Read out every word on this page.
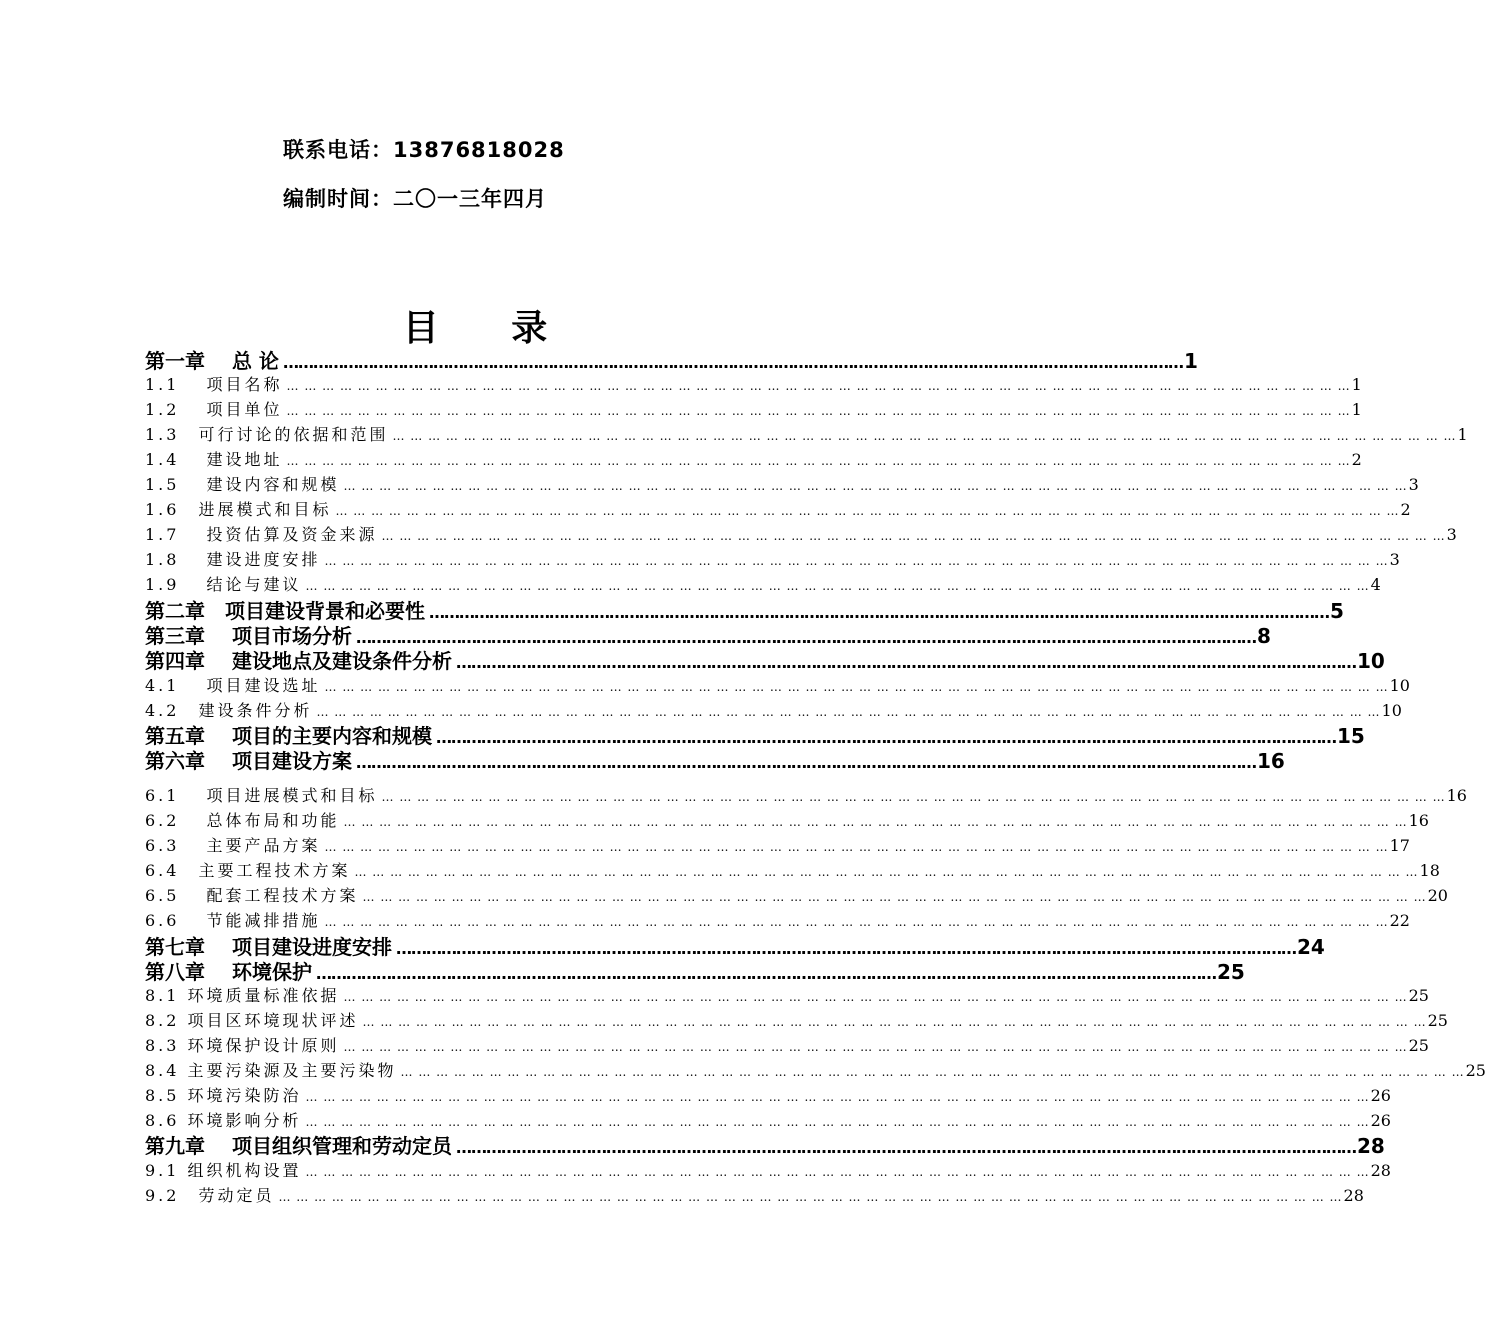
联系电话：13876818028
编制时间：二〇一三年四月
目 录
第一章　 总 论 ……………………………………………………………………………………………………………………………………………………………… 1
1.1　 项目名称 … … … … … … … … … … … … … … … … … … … … … … … … … … … … … … … … … … … … … … … … … … … … … … … … … … … … … … … … … … … … 1
1.2　 项目单位 … … … … … … … … … … … … … … … … … … … … … … … … … … … … … … … … … … … … … … … … … … … … … … … … … … … … … … … … … … … … 1
1.3　可行讨论的依据和范围 … … … … … … … … … … … … … … … … … … … … … … … … … … … … … … … … … … … … … … … … … … … … … … … … … … … … … … … … … … … … 1
1.4　 建设地址 … … … … … … … … … … … … … … … … … … … … … … … … … … … … … … … … … … … … … … … … … … … … … … … … … … … … … … … … … … … … 2
1.5　 建设内容和规模 … … … … … … … … … … … … … … … … … … … … … … … … … … … … … … … … … … … … … … … … … … … … … … … … … … … … … … … … … … … … 3
1.6　进展模式和目标 … … … … … … … … … … … … … … … … … … … … … … … … … … … … … … … … … … … … … … … … … … … … … … … … … … … … … … … … … … … … 2
1.7　 投资估算及资金来源 … … … … … … … … … … … … … … … … … … … … … … … … … … … … … … … … … … … … … … … … … … … … … … … … … … … … … … … … … … … … 3
1.8　 建设进度安排 … … … … … … … … … … … … … … … … … … … … … … … … … … … … … … … … … … … … … … … … … … … … … … … … … … … … … … … … … … … … 3
1.9　 结论与建议 … … … … … … … … … … … … … … … … … … … … … … … … … … … … … … … … … … … … … … … … … … … … … … … … … … … … … … … … … … … … 4
第二章　项目建设背景和必要性 ……………………………………………………………………………………………………………………………………………………………… 5
第三章　 项目市场分析 ……………………………………………………………………………………………………………………………………………………………… 8
第四章　 建设地点及建设条件分析 ……………………………………………………………………………………………………………………………………………………………… 10
4.1　 项目建设选址 … … … … … … … … … … … … … … … … … … … … … … … … … … … … … … … … … … … … … … … … … … … … … … … … … … … … … … … … … … … … 10
4.2　建设条件分析 … … … … … … … … … … … … … … … … … … … … … … … … … … … … … … … … … … … … … … … … … … … … … … … … … … … … … … … … … … … … 10
第五章　 项目的主要内容和规模 ……………………………………………………………………………………………………………………………………………………………… 15
第六章　 项目建设方案 ……………………………………………………………………………………………………………………………………………………………… 16
6.1　 项目进展模式和目标 … … … … … … … … … … … … … … … … … … … … … … … … … … … … … … … … … … … … … … … … … … … … … … … … … … … … … … … … … … … … 16
6.2　 总体布局和功能 … … … … … … … … … … … … … … … … … … … … … … … … … … … … … … … … … … … … … … … … … … … … … … … … … … … … … … … … … … … … 16
6.3　 主要产品方案 … … … … … … … … … … … … … … … … … … … … … … … … … … … … … … … … … … … … … … … … … … … … … … … … … … … … … … … … … … … … 17
6.4　主要工程技术方案 … … … … … … … … … … … … … … … … … … … … … … … … … … … … … … … … … … … … … … … … … … … … … … … … … … … … … … … … … … … … 18
6.5　 配套工程技术方案 … … … … … … … … … … … … … … … … … … … … … … … … … … … … … … … … … … … … … … … … … … … … … … … … … … … … … … … … … … … … 20
6.6　 节能减排措施 … … … … … … … … … … … … … … … … … … … … … … … … … … … … … … … … … … … … … … … … … … … … … … … … … … … … … … … … … … … … 22
第七章　 项目建设进度安排 ……………………………………………………………………………………………………………………………………………………………… 24
第八章　 环境保护 ……………………………………………………………………………………………………………………………………………………………… 25
8.1 环境质量标准依据 … … … … … … … … … … … … … … … … … … … … … … … … … … … … … … … … … … … … … … … … … … … … … … … … … … … … … … … … … … … … 25
8.2 项目区环境现状评述 … … … … … … … … … … … … … … … … … … … … … … … … … … … … … … … … … … … … … … … … … … … … … … … … … … … … … … … … … … … … 25
8.3 环境保护设计原则 … … … … … … … … … … … … … … … … … … … … … … … … … … … … … … … … … … … … … … … … … … … … … … … … … … … … … … … … … … … … 25
8.4 主要污染源及主要污染物 … … … … … … … … … … … … … … … … … … … … … … … … … … … … … … … … … … … … … … … … … … … … … … … … … … … … … … … … … … … … 25
8.5 环境污染防治 … … … … … … … … … … … … … … … … … … … … … … … … … … … … … … … … … … … … … … … … … … … … … … … … … … … … … … … … … … … … 26
8.6 环境影响分析 … … … … … … … … … … … … … … … … … … … … … … … … … … … … … … … … … … … … … … … … … … … … … … … … … … … … … … … … … … … … 26
第九章　 项目组织管理和劳动定员 ……………………………………………………………………………………………………………………………………………………………… 28
9.1 组织机构设置 … … … … … … … … … … … … … … … … … … … … … … … … … … … … … … … … … … … … … … … … … … … … … … … … … … … … … … … … … … … … 28
9.2　劳动定员 … … … … … … … … … … … … … … … … … … … … … … … … … … … … … … … … … … … … … … … … … … … … … … … … … … … … … … … … … … … … 28
